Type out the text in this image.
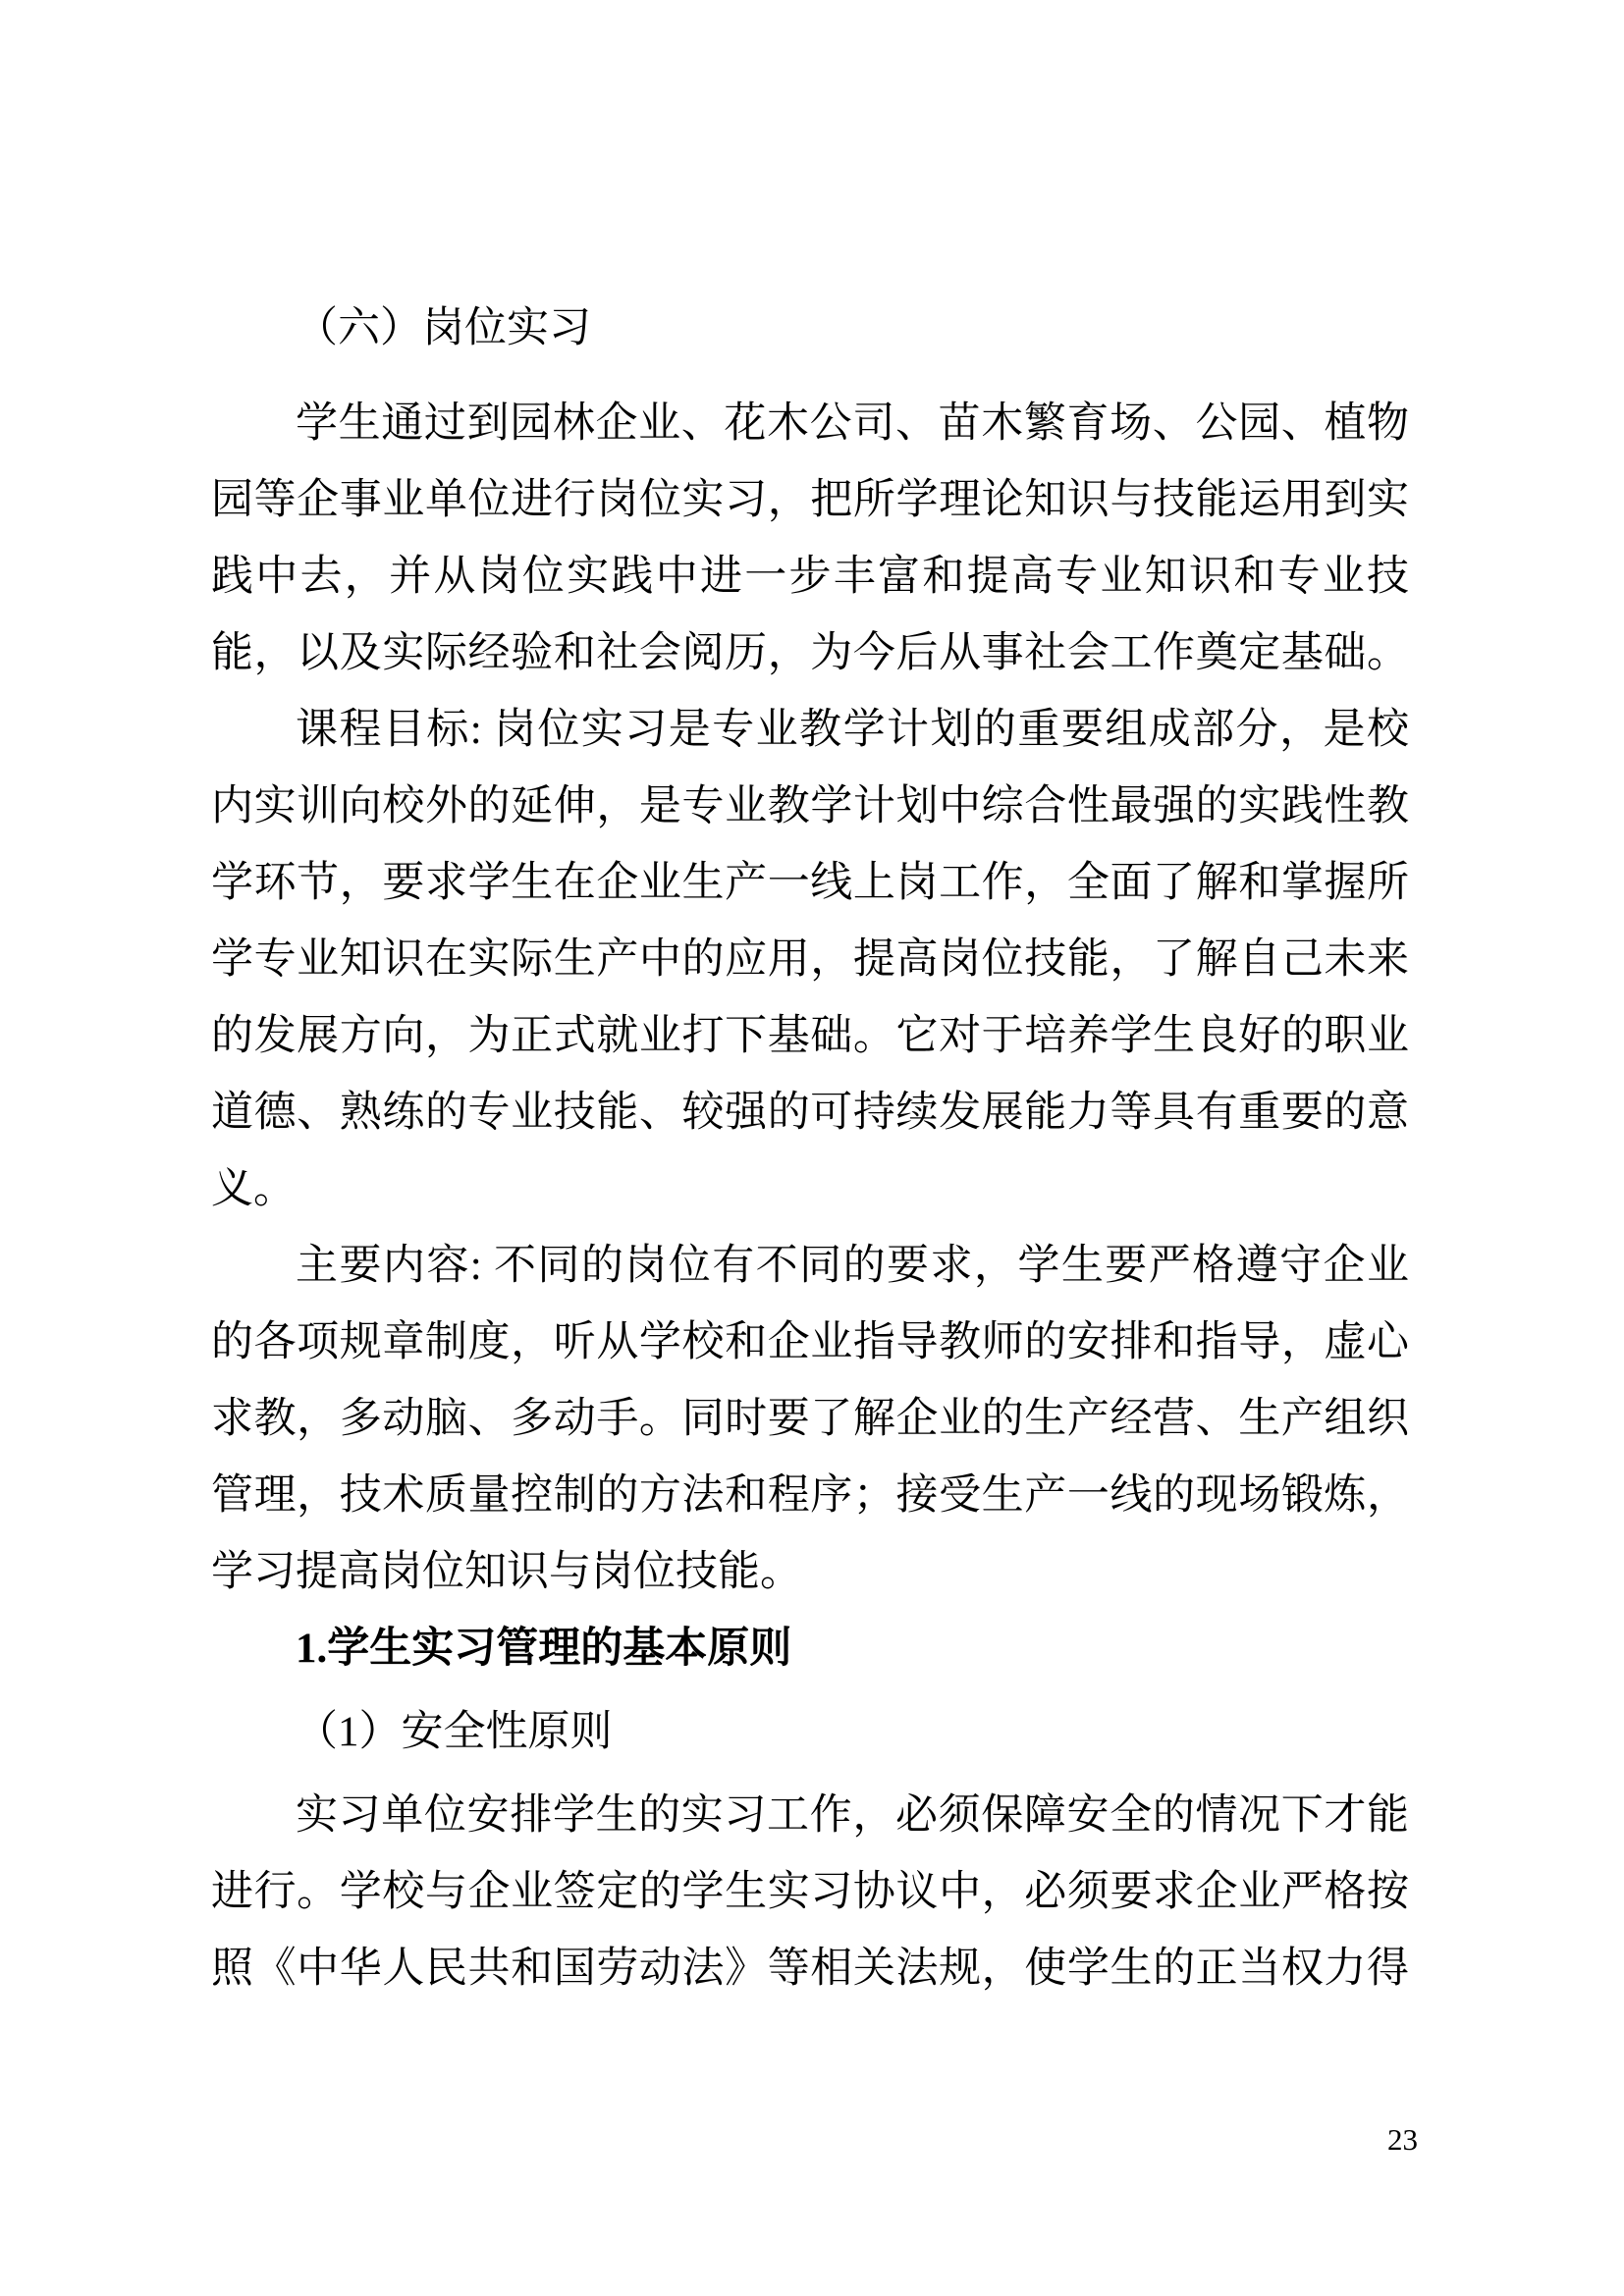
（六）岗位实习
学生通过到园林企业、花木公司、苗木繁育场、公园、植物
园等企事业单位进行岗位实习，把所学理论知识与技能运用到实
践中去，并从岗位实践中进一步丰富和提高专业知识和专业技
能，以及实际经验和社会阅历，为今后从事社会工作奠定基础。
课程目标: 岗位实习是专业教学计划的重要组成部分，是校
内实训向校外的延伸，是专业教学计划中综合性最强的实践性教
学环节，要求学生在企业生产一线上岗工作，全面了解和掌握所
学专业知识在实际生产中的应用，提高岗位技能，了解自己未来
的发展方向，为正式就业打下基础。它对于培养学生良好的职业
道德、熟练的专业技能、较强的可持续发展能力等具有重要的意
义。
主要内容: 不同的岗位有不同的要求，学生要严格遵守企业
的各项规章制度，听从学校和企业指导教师的安排和指导，虚心
求教，多动脑、多动手。同时要了解企业的生产经营、生产组织
管理，技术质量控制的方法和程序；接受生产一线的现场锻炼，
学习提高岗位知识与岗位技能。
1.学生实习管理的基本原则
（1）安全性原则
实习单位安排学生的实习工作，必须保障安全的情况下才能
进行。学校与企业签定的学生实习协议中，必须要求企业严格按
照《中华人民共和国劳动法》等相关法规，使学生的正当权力得
23
